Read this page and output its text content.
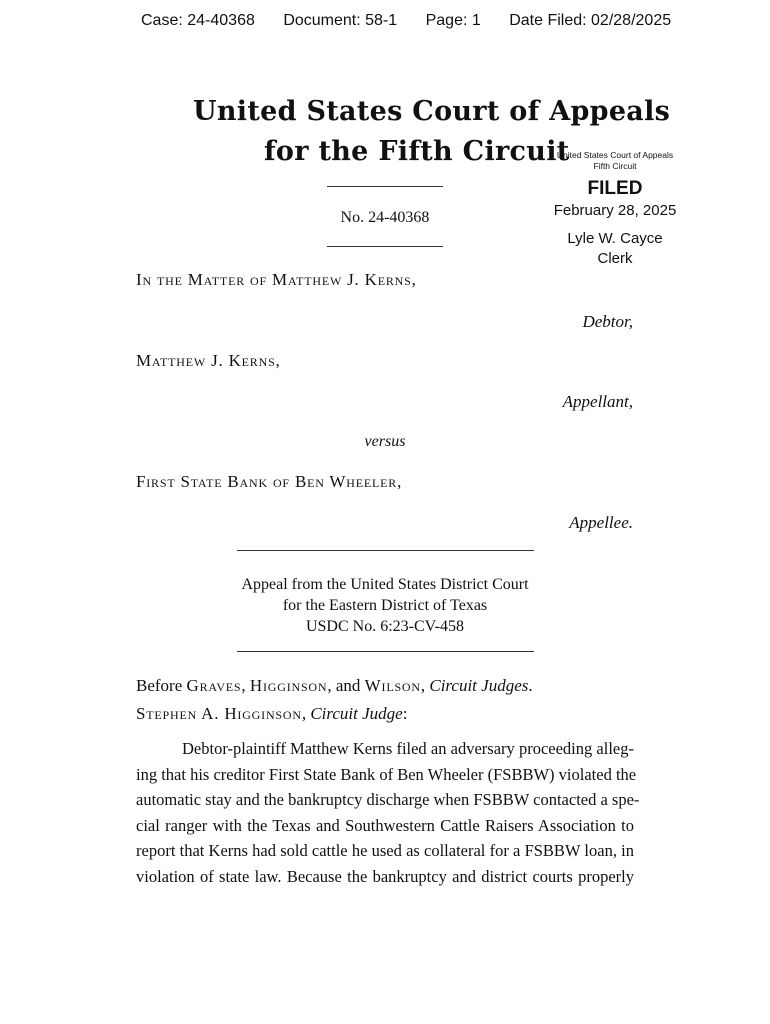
Case: 24-40368 Document: 58-1 Page: 1 Date Filed: 02/28/2025
United States Court of Appeals
for the Fifth Circuit
United States Court of Appeals
Fifth Circuit
FILED
February 28, 2025
Lyle W. Cayce
Clerk
No. 24-40368
In the Matter of Matthew J. Kerns,
Debtor,
Matthew J. Kerns,
Appellant,
versus
First State Bank of Ben Wheeler,
Appellee.
Appeal from the United States District Court
for the Eastern District of Texas
USDC No. 6:23-CV-458
Before Graves, Higginson, and Wilson, Circuit Judges.
Stephen A. Higginson, Circuit Judge:
Debtor-plaintiff Matthew Kerns filed an adversary proceeding alleg-
ing that his creditor First State Bank of Ben Wheeler (FSBBW) violated the
automatic stay and the bankruptcy discharge when FSBBW contacted a spe-
cial ranger with the Texas and Southwestern Cattle Raisers Association to
report that Kerns had sold cattle he used as collateral for a FSBBW loan, in
violation of state law. Because the bankruptcy and district courts properly
